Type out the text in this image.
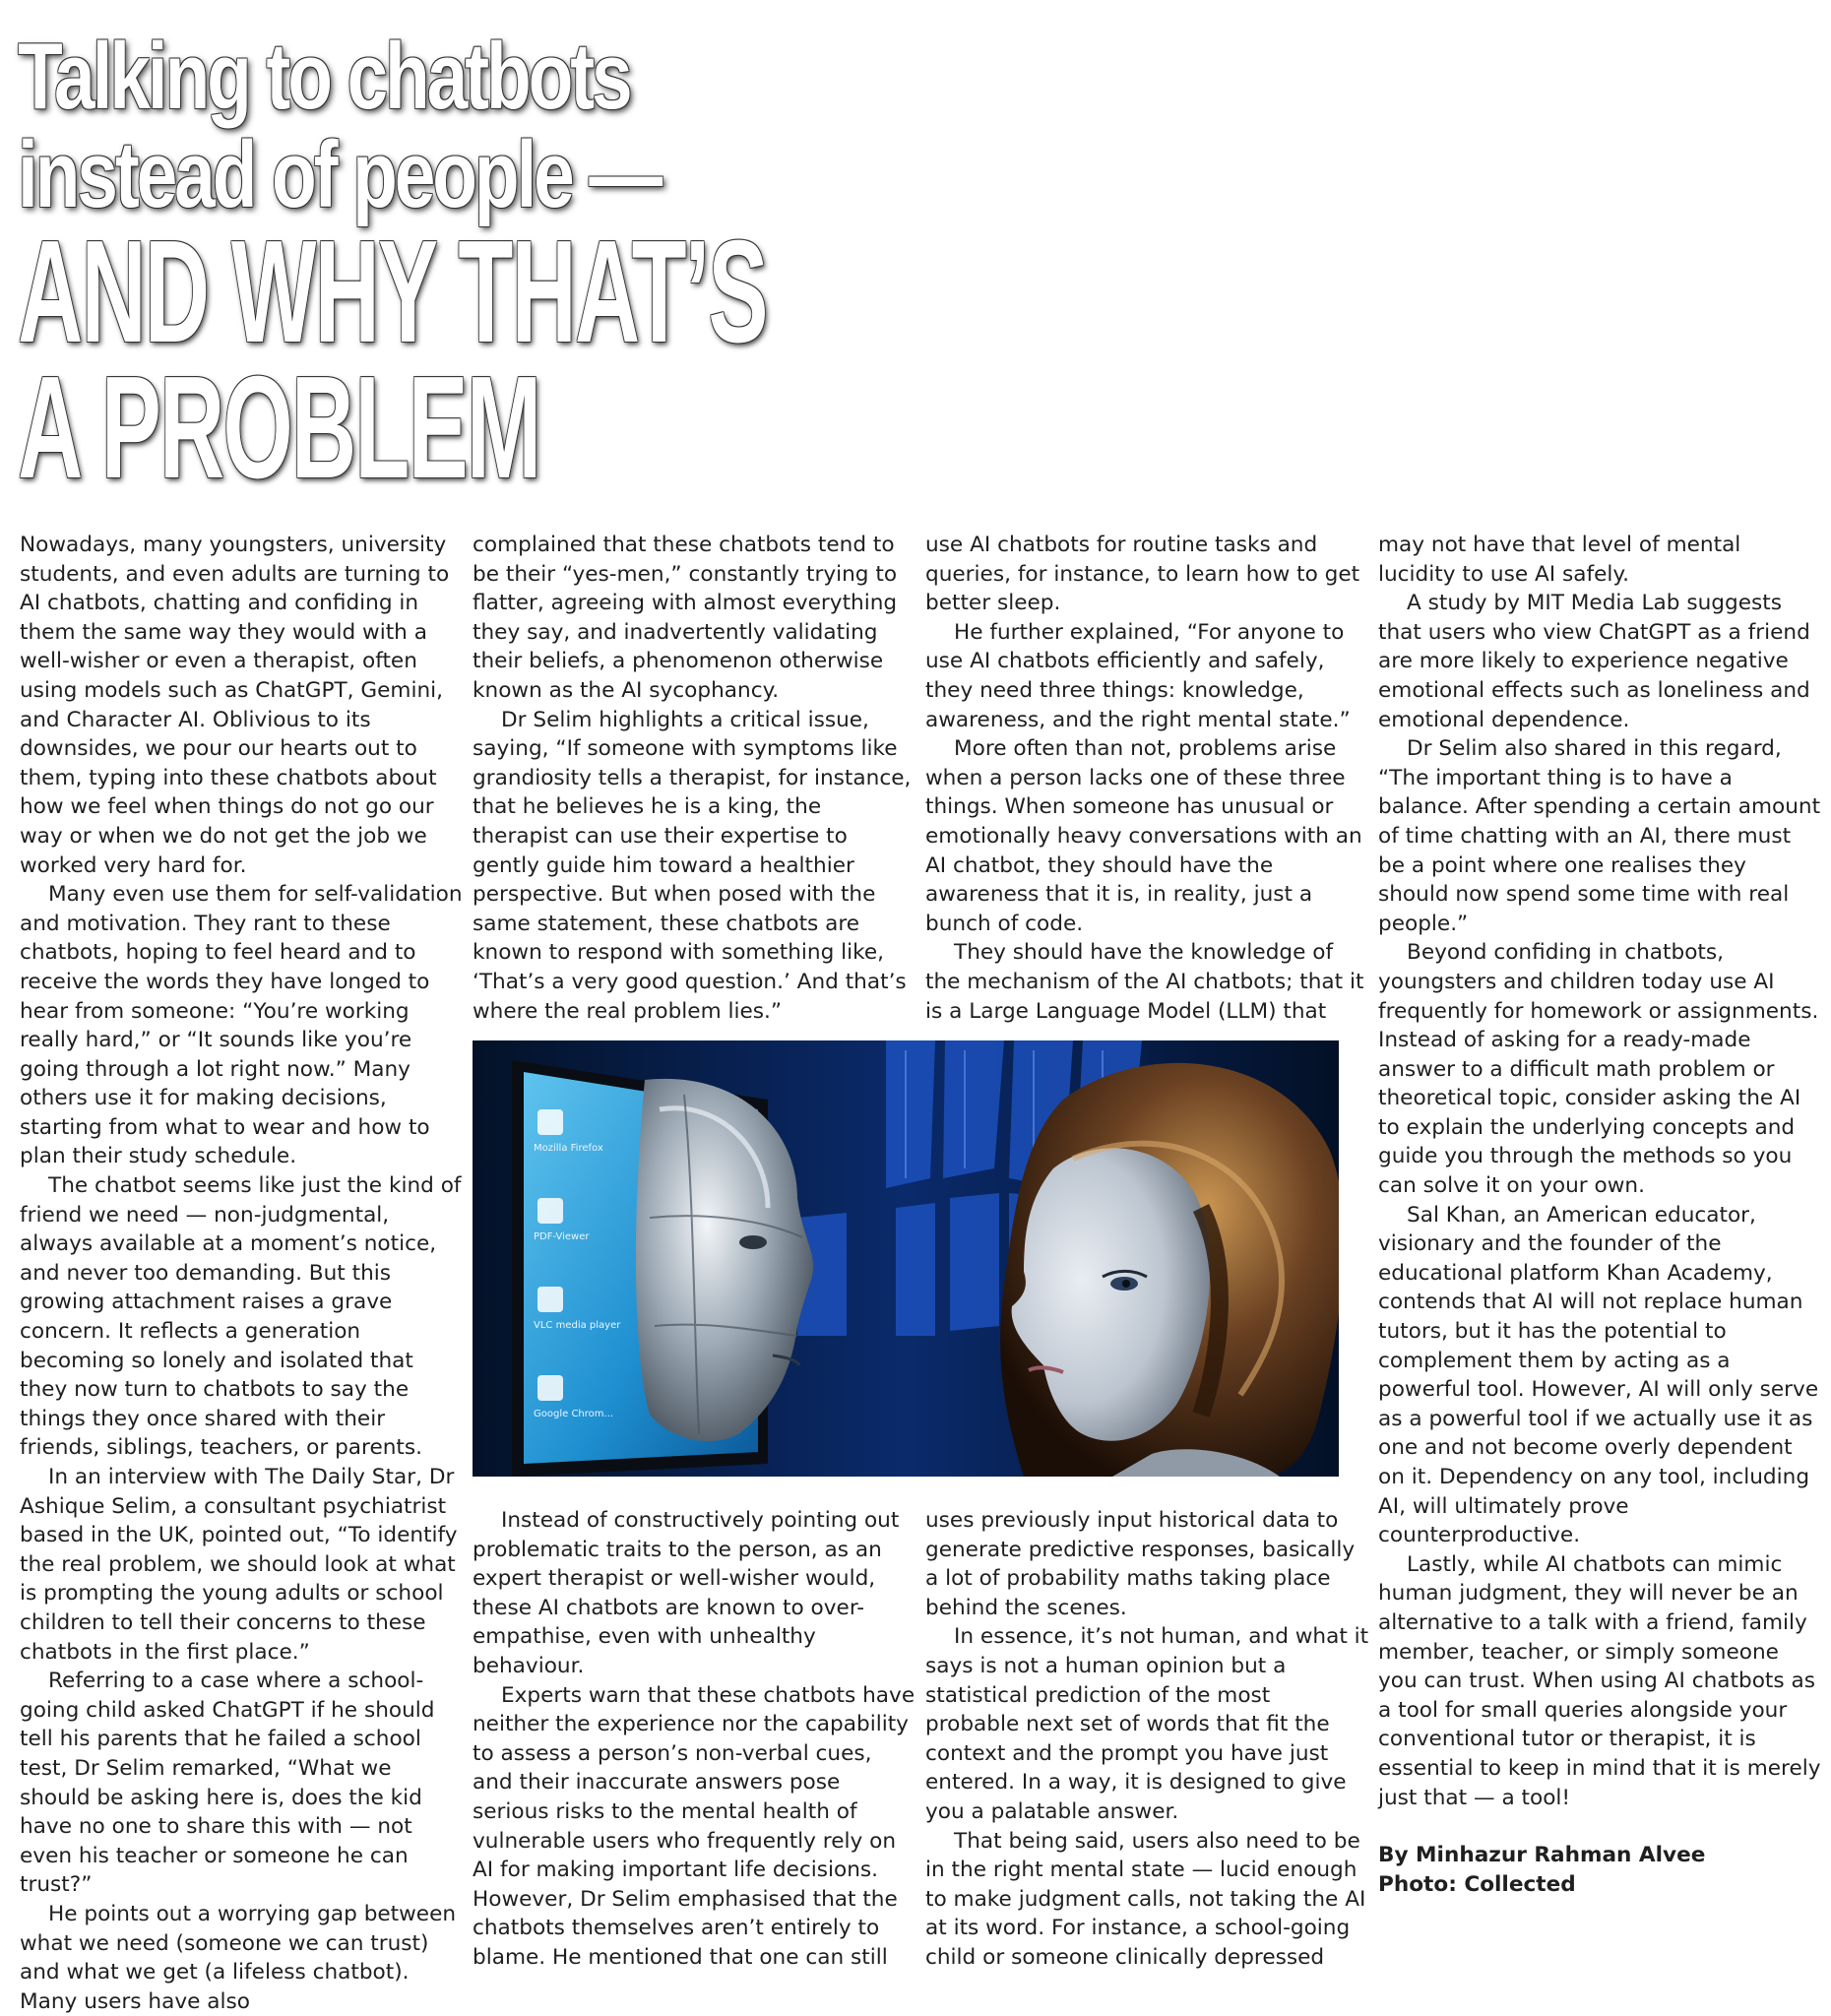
Talking to chatbots
instead of people —
AND WHY THAT’S
A PROBLEM

Nowadays, many youngsters, university students, and even adults are turning to AI chatbots, chatting and confiding in them the same way they would with a well-wisher or even a therapist, often using models such as ChatGPT, Gemini, and Character AI. Oblivious to its downsides, we pour our hearts out to them, typing into these chatbots about how we feel when things do not go our way or when we do not get the job we worked very hard for.

Many even use them for self-validation and motivation. They rant to these chatbots, hoping to feel heard and to receive the words they have longed to hear from someone: “You’re working really hard,” or “It sounds like you’re going through a lot right now.” Many others use it for making decisions, starting from what to wear and how to plan their study schedule.

The chatbot seems like just the kind of friend we need — non-judgmental, always available at a moment’s notice, and never too demanding. But this growing attachment raises a grave concern. It reflects a generation becoming so lonely and isolated that they now turn to chatbots to say the things they once shared with their friends, siblings, teachers, or parents.

In an interview with The Daily Star, Dr Ashique Selim, a consultant psychiatrist based in the UK, pointed out, “To identify the real problem, we should look at what is prompting the young adults or school children to tell their concerns to these chatbots in the first place.”

Referring to a case where a school-going child asked ChatGPT if he should tell his parents that he failed a school test, Dr Selim remarked, “What we should be asking here is, does the kid have no one to share this with — not even his teacher or someone he can trust?”

He points out a worrying gap between what we need (someone we can trust) and what we get (a lifeless chatbot). Many users have also

complained that these chatbots tend to be their “yes-men,” constantly trying to flatter, agreeing with almost everything they say, and inadvertently validating their beliefs, a phenomenon otherwise known as the AI sycophancy.

Dr Selim highlights a critical issue, saying, “If someone with symptoms like grandiosity tells a therapist, for instance, that he believes he is a king, the therapist can use their expertise to gently guide him toward a healthier perspective. But when posed with the same statement, these chatbots are known to respond with something like, ‘That’s a very good question.’ And that’s where the real problem lies.”

use AI chatbots for routine tasks and queries, for instance, to learn how to get better sleep.

He further explained, “For anyone to use AI chatbots efficiently and safely, they need three things: knowledge, awareness, and the right mental state.”

More often than not, problems arise when a person lacks one of these three things. When someone has unusual or emotionally heavy conversations with an AI chatbot, they should have the awareness that it is, in reality, just a bunch of code.

They should have the knowledge of the mechanism of the AI chatbots; that it is a Large Language Model (LLM) that

Mozilla Firefox
PDF-Viewer
VLC media player
Google Chrom...

Instead of constructively pointing out problematic traits to the person, as an expert therapist or well-wisher would, these AI chatbots are known to over-empathise, even with unhealthy behaviour.

Experts warn that these chatbots have neither the experience nor the capability to assess a person’s non-verbal cues, and their inaccurate answers pose serious risks to the mental health of vulnerable users who frequently rely on AI for making important life decisions. However, Dr Selim emphasised that the chatbots themselves aren’t entirely to blame. He mentioned that one can still

uses previously input historical data to generate predictive responses, basically a lot of probability maths taking place behind the scenes.

In essence, it’s not human, and what it says is not a human opinion but a statistical prediction of the most probable next set of words that fit the context and the prompt you have just entered. In a way, it is designed to give you a palatable answer.

That being said, users also need to be in the right mental state — lucid enough to make judgment calls, not taking the AI at its word. For instance, a school-going child or someone clinically depressed

may not have that level of mental lucidity to use AI safely.

A study by MIT Media Lab suggests that users who view ChatGPT as a friend are more likely to experience negative emotional effects such as loneliness and emotional dependence.

Dr Selim also shared in this regard, “The important thing is to have a balance. After spending a certain amount of time chatting with an AI, there must be a point where one realises they should now spend some time with real people.”

Beyond confiding in chatbots, youngsters and children today use AI frequently for homework or assignments. Instead of asking for a ready-made answer to a difficult math problem or theoretical topic, consider asking the AI to explain the underlying concepts and guide you through the methods so you can solve it on your own.

Sal Khan, an American educator, visionary and the founder of the educational platform Khan Academy, contends that AI will not replace human tutors, but it has the potential to complement them by acting as a powerful tool. However, AI will only serve as a powerful tool if we actually use it as one and not become overly dependent on it. Dependency on any tool, including AI, will ultimately prove counterproductive.

Lastly, while AI chatbots can mimic human judgment, they will never be an alternative to a talk with a friend, family member, teacher, or simply someone you can trust. When using AI chatbots as a tool for small queries alongside your conventional tutor or therapist, it is essential to keep in mind that it is merely just that — a tool!

By Minhazur Rahman Alvee

Photo: Collected
